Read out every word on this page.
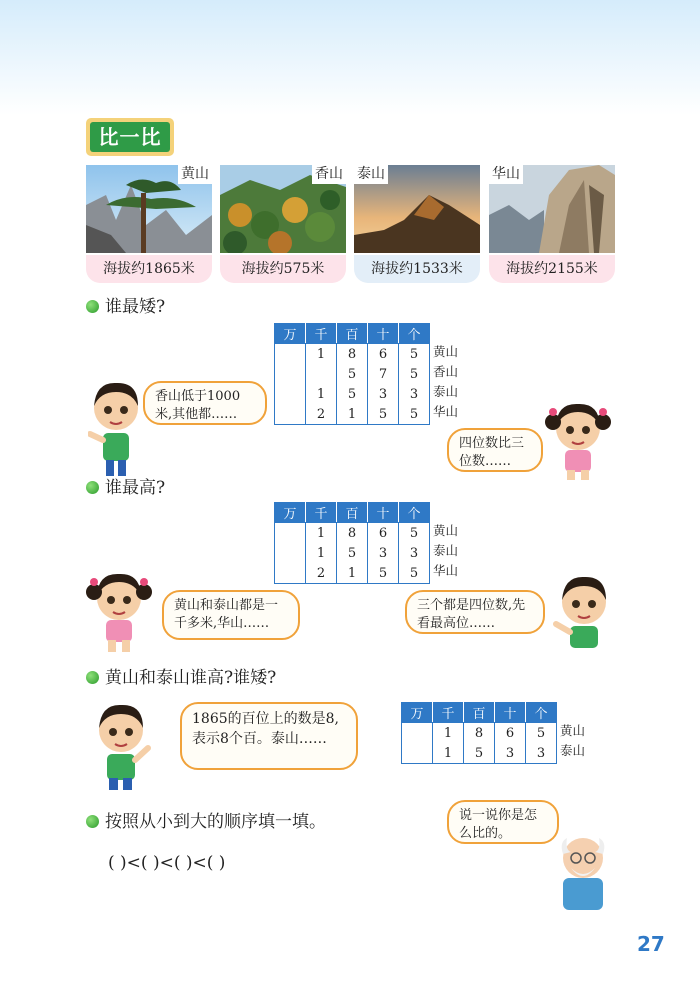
比一比
黄山
海拔约1865米
香山
海拔约575米
泰山
海拔约1533米
华山
海拔约2155米
谁最矮?
万	千	百	十	个
	1	8	6	5
		5	7	5
	1	5	3	3
	2	1	5	5
黄山
香山
泰山
华山
香山低于1000米,其他都……
四位数比三位数……
谁最高?
万	千	百	十	个
	1	8	6	5
	1	5	3	3
	2	1	5	5
黄山
泰山
华山
黄山和泰山都是一千多米,华山……
三个都是四位数,先看最高位……
黄山和泰山谁高?谁矮?
1865的百位上的数是8,表示8个百。泰山……
万	千	百	十	个
	1	8	6	5
	1	5	3	3
黄山
泰山
按照从小到大的顺序填一填。	说一说你是怎么比的。
( )<( )<( )<( )
27
